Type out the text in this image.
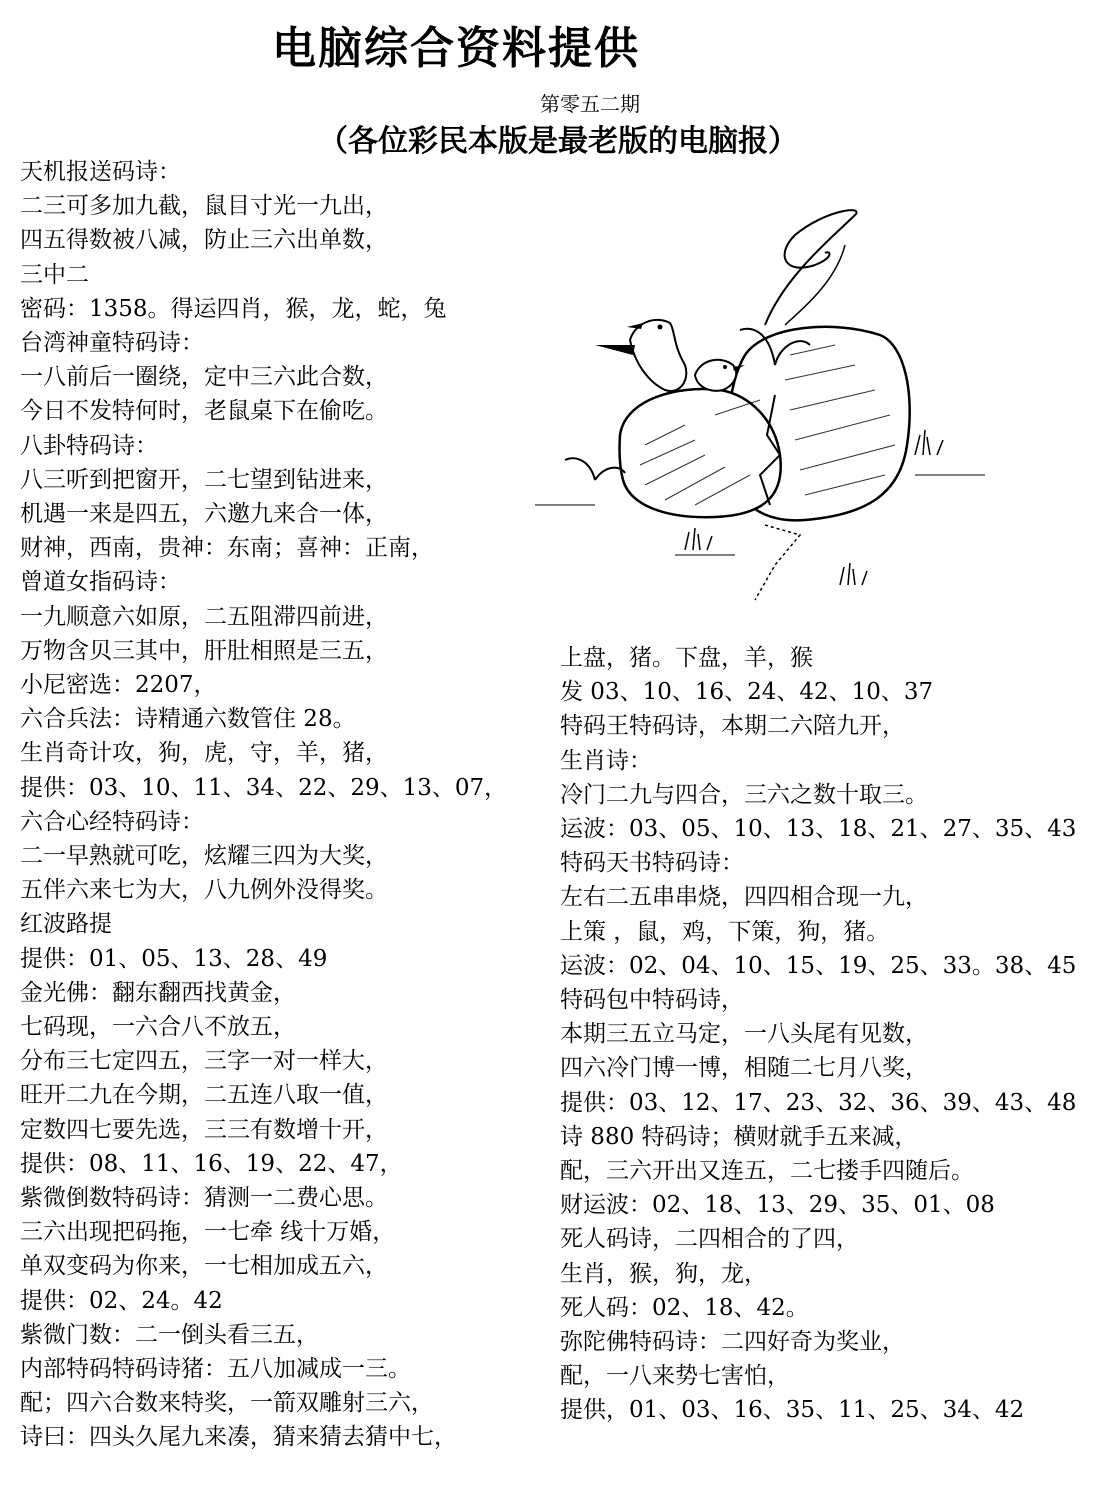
电脑综合资料提供
第零五二期
（各位彩民本版是最老版的电脑报）
天机报送码诗：
二三可多加九截，鼠目寸光一九出，
四五得数被八减，防止三六出单数，
三中二
密码：1358。得运四肖，猴，龙，蛇，兔
台湾神童特码诗：
一八前后一圈绕，定中三六此合数，
今日不发特何时，老鼠桌下在偷吃。
八卦特码诗：
八三听到把窗开，二七望到钻进来，
机遇一来是四五，六邀九来合一体，
财神，西南，贵神：东南；喜神：正南，
曾道女指码诗：
一九顺意六如原，二五阻滞四前进，
万物含贝三其中，肝肚相照是三五，
小尼密选：2207，
六合兵法：诗精通六数管住 28。
生肖奇计攻，狗，虎，守，羊，猪，
提供：03、10、11、34、22、29、13、07，
六合心经特码诗：
二一早熟就可吃，炫耀三四为大奖，
五伴六来七为大，八九例外没得奖。
红波路提
提供：01、05、13、28、49
金光佛：翻东翻西找黄金，
七码现，一六合八不放五，
分布三七定四五，三字一对一样大，
旺开二九在今期，二五连八取一值，
定数四七要先选，三三有数增十开，
提供：08、11、16、19、22、47，
紫微倒数特码诗：猜测一二费心思。
三六出现把码拖，一七牵 线十万婚，
单双变码为你来，一七相加成五六，
提供：02、24。42
紫微门数：二一倒头看三五，
内部特码特码诗猪：五八加减成一三。
配；四六合数来特奖，一箭双雕射三六，
诗曰：四头久尾九来凑，猜来猜去猜中七，
上盘，猪。下盘，羊，猴
发 03、10、16、24、42、10、37
特码王特码诗，本期二六陪九开，
生肖诗：
冷门二九与四合，三六之数十取三。
运波：03、05、10、13、18、21、27、35、43
特码天书特码诗：
左右二五串串烧，四四相合现一九，
上策 ，鼠，鸡，下策，狗，猪。
运波：02、04、10、15、19、25、33。38、45
特码包中特码诗，
本期三五立马定，一八头尾有见数，
四六冷门博一博，相随二七月八奖，
提供：03、12、17、23、32、36、39、43、48
诗 880 特码诗；横财就手五来减，
配，三六开出又连五，二七搂手四随后。
财运波：02、18、13、29、35、01、08
死人码诗，二四相合的了四，
生肖，猴，狗，龙，
死人码：02、18、42。
弥陀佛特码诗：二四好奇为奖业，
配，一八来势七害怕，
提供，01、03、16、35、11、25、34、42
